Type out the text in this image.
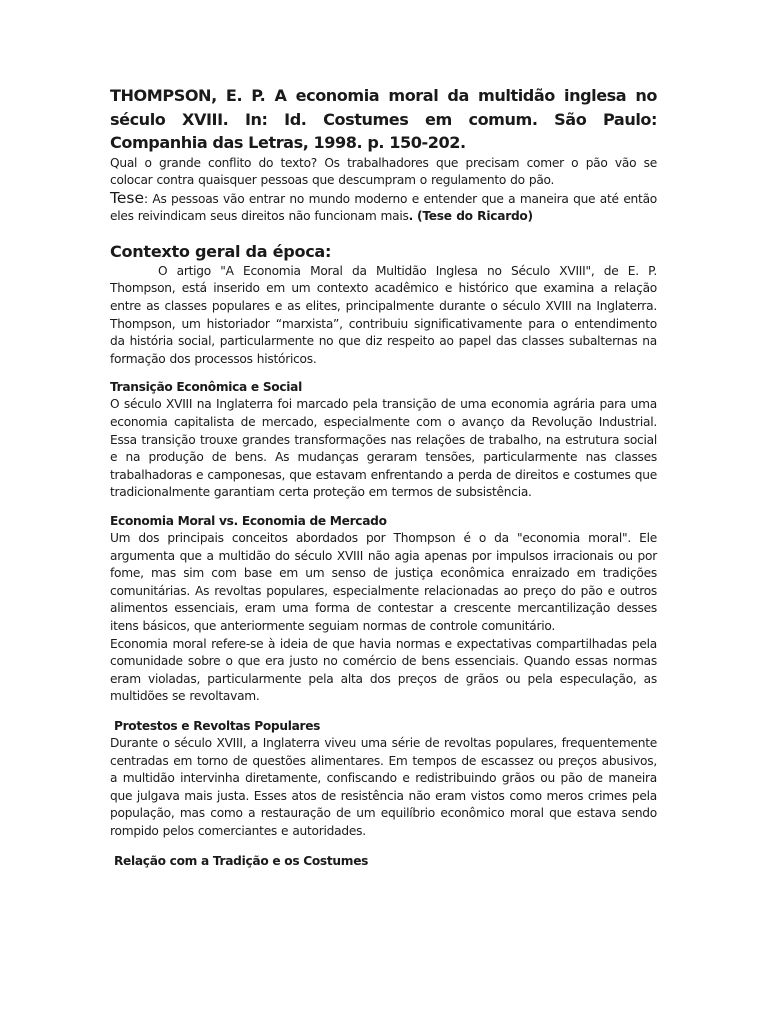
THOMPSON, E. P. A economia moral da multidão inglesa no século XVIII. In: Id. Costumes em comum. São Paulo: Companhia das Letras, 1998. p. 150-202.

Qual o grande conflito do texto? Os trabalhadores que precisam comer o pão vão se colocar contra quaisquer pessoas que descumpram o regulamento do pão.

Tese: As pessoas vão entrar no mundo moderno e entender que a maneira que até então eles reivindicam seus direitos não funcionam mais. (Tese do Ricardo)

Contexto geral da época:

O artigo "A Economia Moral da Multidão Inglesa no Século XVIII", de E. P. Thompson, está inserido em um contexto acadêmico e histórico que examina a relação entre as classes populares e as elites, principalmente durante o século XVIII na Inglaterra. Thompson, um historiador “marxista”, contribuiu significativamente para o entendimento da história social, particularmente no que diz respeito ao papel das classes subalternas na formação dos processos históricos.

Transição Econômica e Social

O século XVIII na Inglaterra foi marcado pela transição de uma economia agrária para uma economia capitalista de mercado, especialmente com o avanço da Revolução Industrial. Essa transição trouxe grandes transformações nas relações de trabalho, na estrutura social e na produção de bens. As mudanças geraram tensões, particularmente nas classes trabalhadoras e camponesas, que estavam enfrentando a perda de direitos e costumes que tradicionalmente garantiam certa proteção em termos de subsistência.

Economia Moral vs. Economia de Mercado

Um dos principais conceitos abordados por Thompson é o da "economia moral". Ele argumenta que a multidão do século XVIII não agia apenas por impulsos irracionais ou por fome, mas sim com base em um senso de justiça econômica enraizado em tradições comunitárias. As revoltas populares, especialmente relacionadas ao preço do pão e outros alimentos essenciais, eram uma forma de contestar a crescente mercantilização desses itens básicos, que anteriormente seguiam normas de controle comunitário.

Economia moral refere-se à ideia de que havia normas e expectativas compartilhadas pela comunidade sobre o que era justo no comércio de bens essenciais. Quando essas normas eram violadas, particularmente pela alta dos preços de grãos ou pela especulação, as multidões se revoltavam.

Protestos e Revoltas Populares

Durante o século XVIII, a Inglaterra viveu uma série de revoltas populares, frequentemente centradas em torno de questões alimentares. Em tempos de escassez ou preços abusivos, a multidão intervinha diretamente, confiscando e redistribuindo grãos ou pão de maneira que julgava mais justa. Esses atos de resistência não eram vistos como meros crimes pela população, mas como a restauração de um equilíbrio econômico moral que estava sendo rompido pelos comerciantes e autoridades.

Relação com a Tradição e os Costumes
